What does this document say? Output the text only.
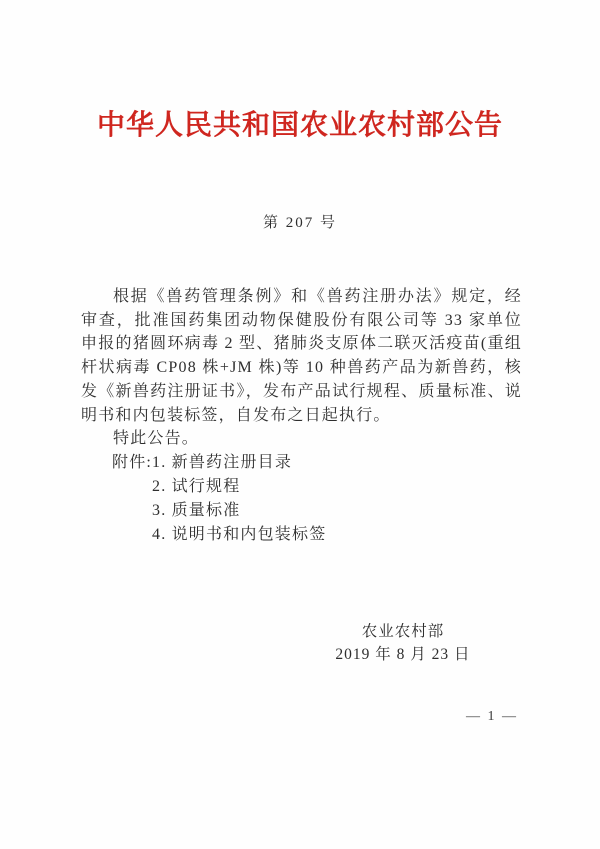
中华人民共和国农业农村部公告
第 207 号

根据《兽药管理条例》和《兽药注册办法》规定，经审查，批准国药集团动物保健股份有限公司等 33 家单位申报的猪圆环病毒 2 型、猪肺炎支原体二联灭活疫苗(重组杆状病毒 CP08 株+JM 株)等 10 种兽药产品为新兽药，核发《新兽药注册证书》，发布产品试行规程、质量标准、说明书和内包装标签，自发布之日起执行。

特此公告。

附件:1. 新兽药注册目录
2. 试行规程
3. 质量标准
4. 说明书和内包装标签
农业农村部
2019 年 8 月 23 日
— 1 —
